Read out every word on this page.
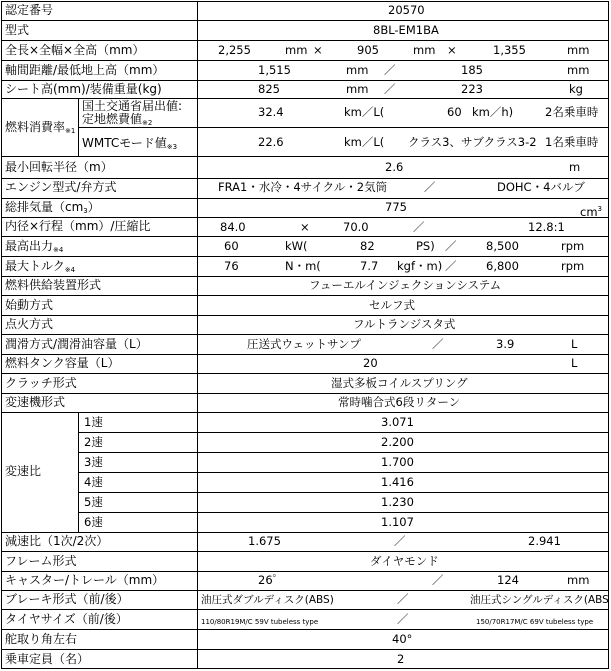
認定番号	20570
型式	8BL-EM1BA
全長×全幅×全高（mm）	2,255	mm ×	905	mm ×	1,355	mm
軸間距離/最低地上高（mm）	1,515	mm ／	185	mm
シート高(mm)/装備重量(kg)	825	mm ／	223	kg
燃料消費率$_{※1}$
国土交通省届出値:
定地燃費値$_{※2}$
32.4	km／L(	60 km／h)	2名乗車時
WMTCモード値$_{※3}$	22.6	km／L( クラス3、サブクラス3-2 1名乗車時
最小回転半径（m）	2.6	m
エンジン型式/弁方式	FRA1・水冷・4サイクル・2気筒	／	DOHC・4バルブ
総排気量$(cm_3)$	775	$cm^3$
内径×行程（mm）/圧縮比	84.0	×	70.0	／	12.8:1
最高出力$_{※4}$	60	kW(	82	PS) ／	8,500	rpm
最大トルク$_{※4}$	76	N・m(	7.7 kgf・m) ／	6,800	rpm
燃料供給装置形式	フューエルインジェクションシステム
始動方式	セルフ式
点火方式	フルトランジスタ式
潤滑方式/潤滑油容量（L）	圧送式ウェットサンプ	／	3.9	L
燃料タンク容量（L）	20	L
クラッチ形式	湿式多板コイルスプリング
変速機形式	常時噛合式6段リターン
変速比
1速	3.071
2速	2.200
3速	1.700
4速	1.416
5速	1.230
6速	1.107
減速比（1次/2次）	1.675	／	2.941
フレーム形式	ダイヤモンド
キャスター/トレール（mm）	26゜	／	124	mm
ブレーキ形式（前/後）	油圧式ダブルディスク(ABS)	／	油圧式シングルディスク(ABS
タイヤサイズ（前/後）	110/80R19M/C 59V tubeless type	／	150/70R17M/C 69V tubeless type
舵取り角左右	40°
乗車定員（名）	2
